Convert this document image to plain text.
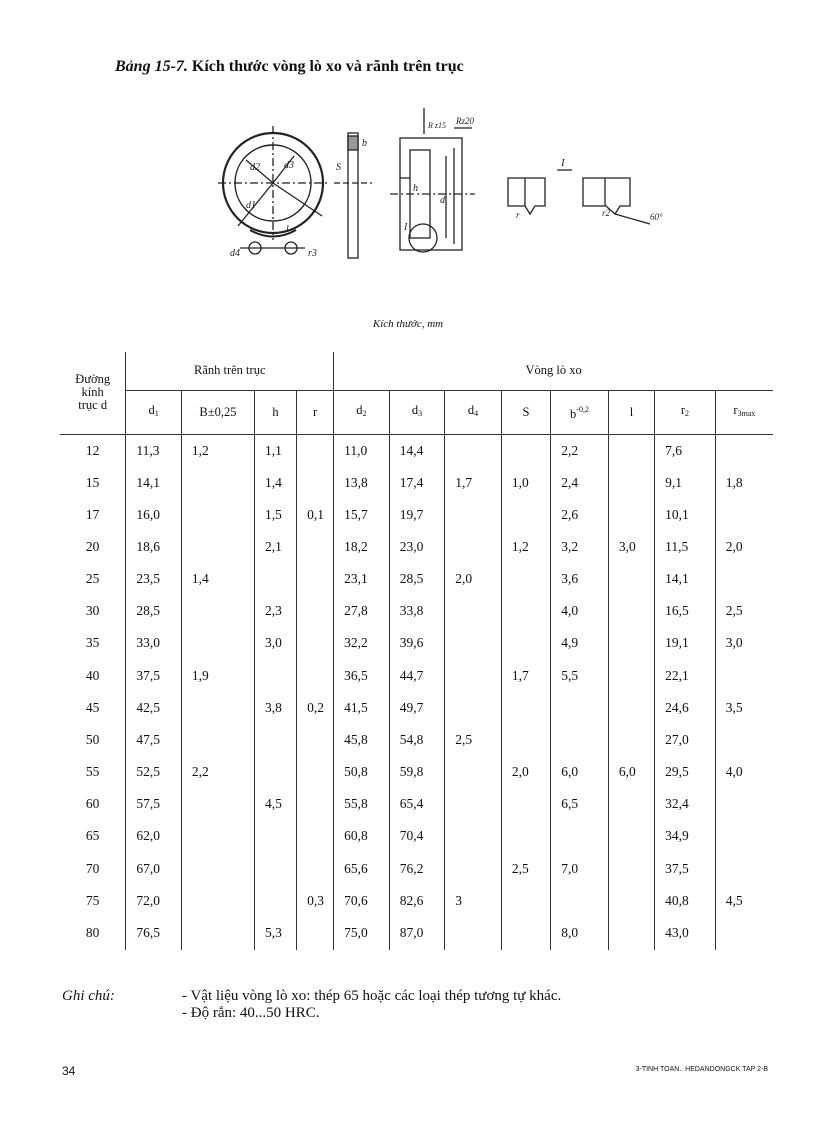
Bảng 15-7. Kích thước vòng lò xo và rãnh trên trục
d2 d3
d1
d4
l
r3
S
b
h
d
R z15 Rz20
I
I
60°
r	r2
Kích thước, mm
Đường
kính
trục d	Rãnh trên trục				Vòng lò xo							
	$d_1$	B±0,25	h	r	$d_2$	$d_3$	$d_4$	S	$b^{-0,2}$	l	$r_2$	$r_{3max}$
12	11,3	1,2	1,1		11,0	14,4			2,2		7,6	
15	14,1		1,4		13,8	17,4	1,7	1,0	2,4		9,1	1,8
17	16,0		1,5	0,1	15,7	19,7			2,6		10,1	
20	18,6		2,1		18,2	23,0		1,2	3,2	3,0	11,5	2,0
25	23,5	1,4			23,1	28,5	2,0		3,6		14,1	
30	28,5		2,3		27,8	33,8			4,0		16,5	2,5
35	33,0		3,0		32,2	39,6			4,9		19,1	3,0
40	37,5	1,9			36,5	44,7		1,7	5,5		22,1	
45	42,5		3,8	0,2	41,5	49,7					24,6	3,5
50	47,5				45,8	54,8	2,5				27,0	
55	52,5	2,2			50,8	59,8		2,0	6,0	6,0	29,5	4,0
60	57,5		4,5		55,8	65,4			6,5		32,4	
65	62,0				60,8	70,4					34,9	
70	67,0				65,6	76,2		2,5	7,0		37,5	
75	72,0			0,3	70,6	82,6	3				40,8	4,5
80	76,5		5,3		75,0	87,0			8,0		43,0	
Ghi chú:	- Vật liệu vòng lò xo: thép 65 hoặc các loại thép tương tự khác.
- Độ rắn: 40...50 HRC.
34	3-TINH TOAN.. HEDANDONGCK TAP 2-B
